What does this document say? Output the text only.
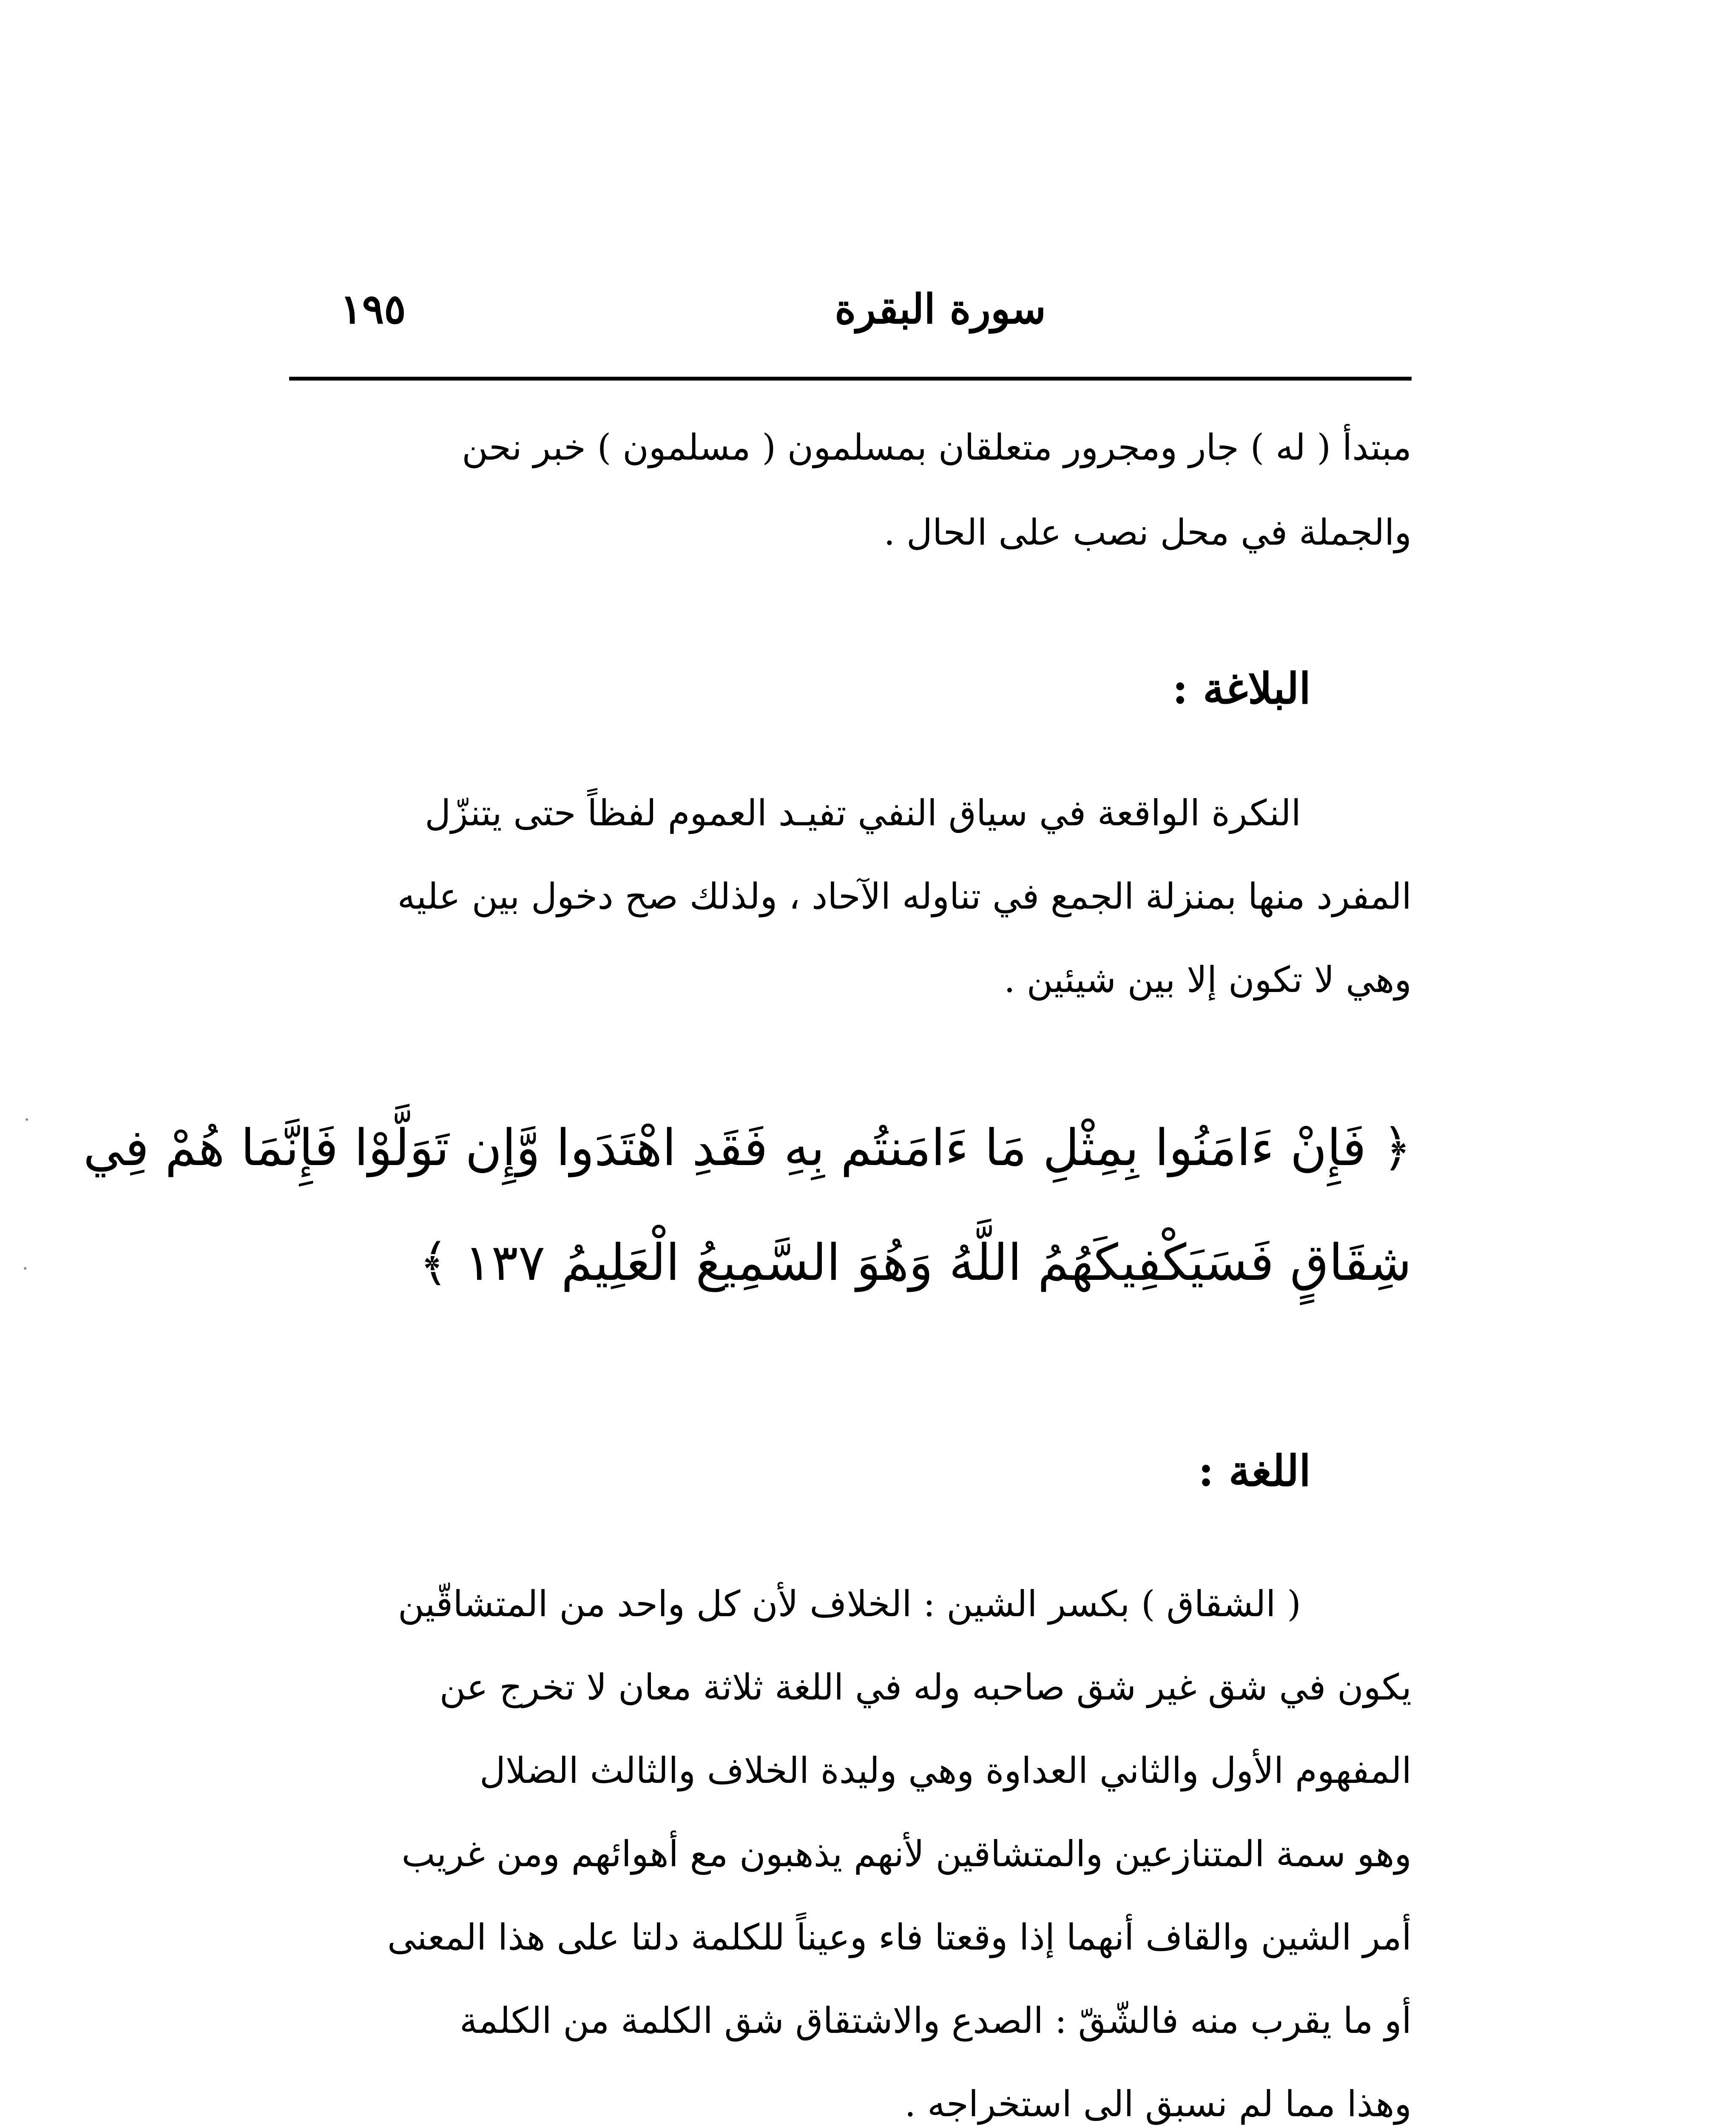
سورة البقرة
١٩٥
مبتدأ ( له ) جار ومجرور متعلقان بمسلمون ( مسلمون ) خبر نحن
والجملة في محل نصب على الحال .
البلاغة :
النكرة الواقعة في سياق النفي تفيـد العموم لفظاً حتى يتنزّل
المفرد منها بمنزلة الجمع في تناوله الآحاد ، ولذلك صح دخول بين عليه
وهي لا تكون إلا بين شيئين .
﴿ فَإِنْ ءَامَنُوا بِمِثْلِ مَا ءَامَنتُم بِهِ فَقَدِ اهْتَدَوا وَّإِن تَوَلَّوْا فَإِنَّمَا هُمْ فِي
شِقَاقٍ فَسَيَكْفِيكَهُمُ اللَّهُ وَهُوَ السَّمِيعُ الْعَلِيمُ ١٣٧ ﴾
اللغة :
( الشقاق ) بكسر الشين : الخلاف لأن كل واحد من المتشاقّين
يكون في شق غير شق صاحبه وله في اللغة ثلاثة معان لا تخرج عن
المفهوم الأول والثاني العداوة وهي وليدة الخلاف والثالث الضلال
وهو سمة المتنازعين والمتشاقين لأنهم يذهبون مع أهوائهم ومن غريب
أمر الشين والقاف أنهما إذا وقعتا فاء وعيناً للكلمة دلتا على هذا المعنى
أو ما يقرب منه فالشّقّ : الصدع والاشتقاق شق الكلمة من الكلمة
وهذا مما لم نسبق الى استخراجه .
